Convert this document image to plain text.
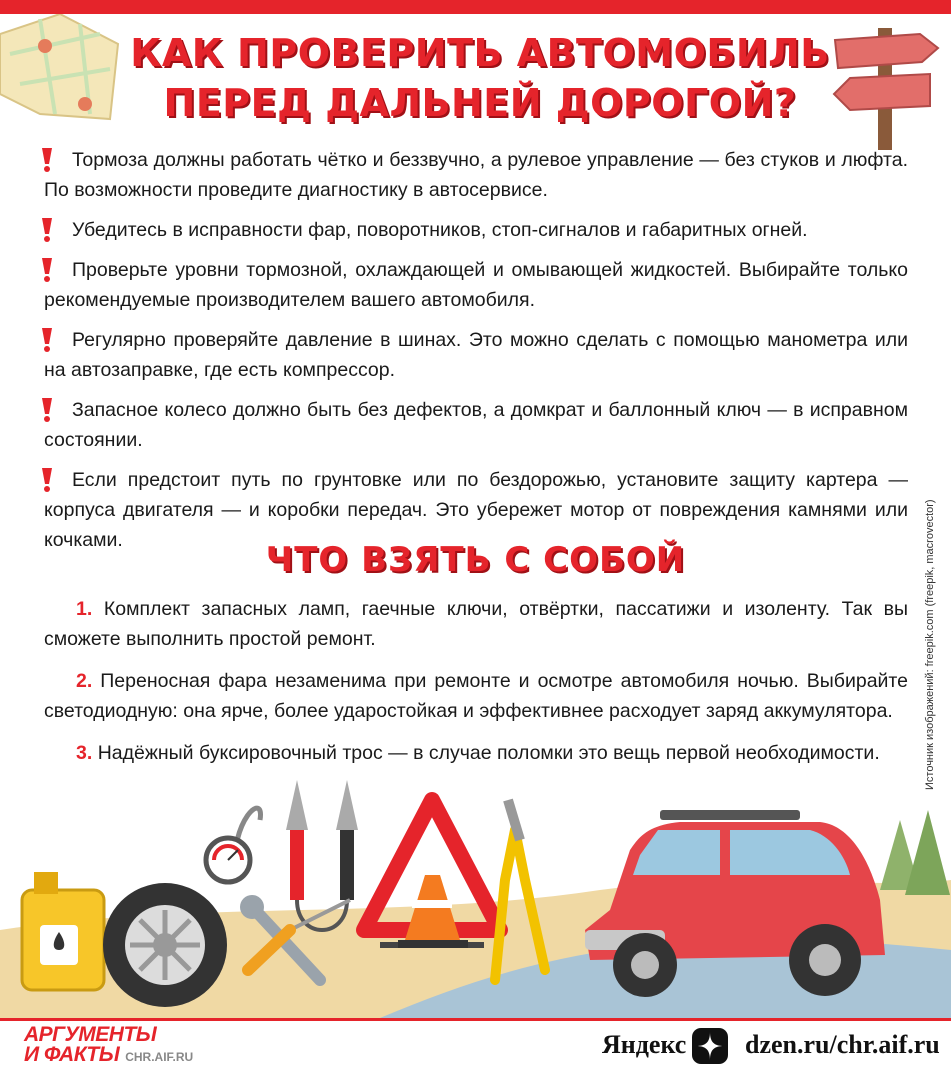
КАК ПРОВЕРИТЬ АВТОМОБИЛЬ
ПЕРЕД ДАЛЬНЕЙ ДОРОГОЙ?
Тормоза должны работать чётко и беззвучно, а рулевое управление — без стуков и люфта. По возможности проведите диагностику в автосервисе.
Убедитесь в исправности фар, поворотников, стоп-сигналов и габаритных огней.
Проверьте уровни тормозной, охлаждающей и омывающей жидкостей. Выбирайте только рекомендуемые производителем вашего автомобиля.
Регулярно проверяйте давление в шинах. Это можно сделать с помощью манометра или на автозаправке, где есть компрессор.
Запасное колесо должно быть без дефектов, а домкрат и баллонный ключ — в исправном состоянии.
Если предстоит путь по грунтовке или по бездорожью, установите защиту картера — корпуса двигателя — и коробки передач. Это убережет мотор от повреждения камнями или кочками.	ЧТО ВЗЯТЬ С СОБОЙ
1. Комплект запасных ламп, гаечные ключи, отвёртки, пассатижи и изоленту. Так вы сможете выполнить простой ремонт.
2. Переносная фара незаменима при ремонте и осмотре автомобиля ночью. Выбирайте светодиодную: она ярче, более ударостойкая и эффективнее расходует заряд аккумулятора.
3. Надёжный буксировочный трос — в случае поломки это вещь первой необходимости.	Источник изображений: freepik.com (freepik, macrovector)
АРГУМЕНТЫ
И ФАКТЫ CHR.AIF.RU	Яндекс dzen.ru/chr.aif.ru
